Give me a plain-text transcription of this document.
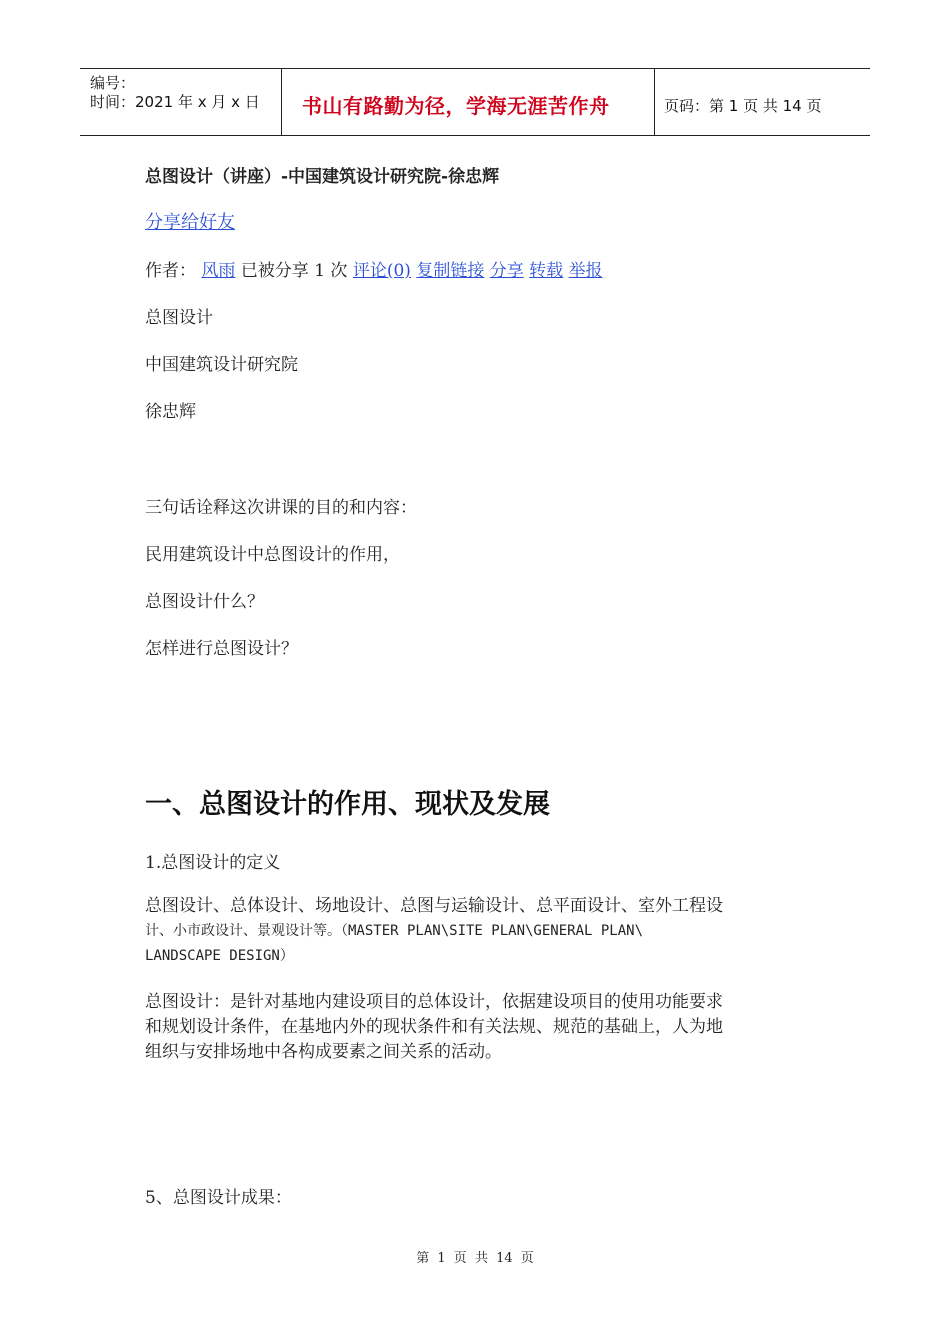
编号：
时间：2021 年 x 月 x 日 书山有路勤为径，学海无涯苦作舟	页码：第 1 页 共 14 页
总图设计（讲座）-中国建筑设计研究院-徐忠辉
分享给好友
作者： 风雨 已被分享 1 次 评论(0) 复制链接 分享 转载 举报
总图设计
中国建筑设计研究院
徐忠辉
三句话诠释这次讲课的目的和内容：
民用建筑设计中总图设计的作用，
总图设计什么？
怎样进行总图设计？
一、总图设计的作用、现状及发展
1.总图设计的定义
总图设计、总体设计、场地设计、总图与运输设计、总平面设计、室外工程设
计、小市政设计、景观设计等。（MASTER PLAN\SITE PLAN\GENERAL PLAN\
LANDSCAPE DESIGN）
总图设计：是针对基地内建设项目的总体设计，依据建设项目的使用功能要求
和规划设计条件，在基地内外的现状条件和有关法规、规范的基础上，人为地
组织与安排场地中各构成要素之间关系的活动。
5、总图设计成果：
第 1 页 共 14 页
